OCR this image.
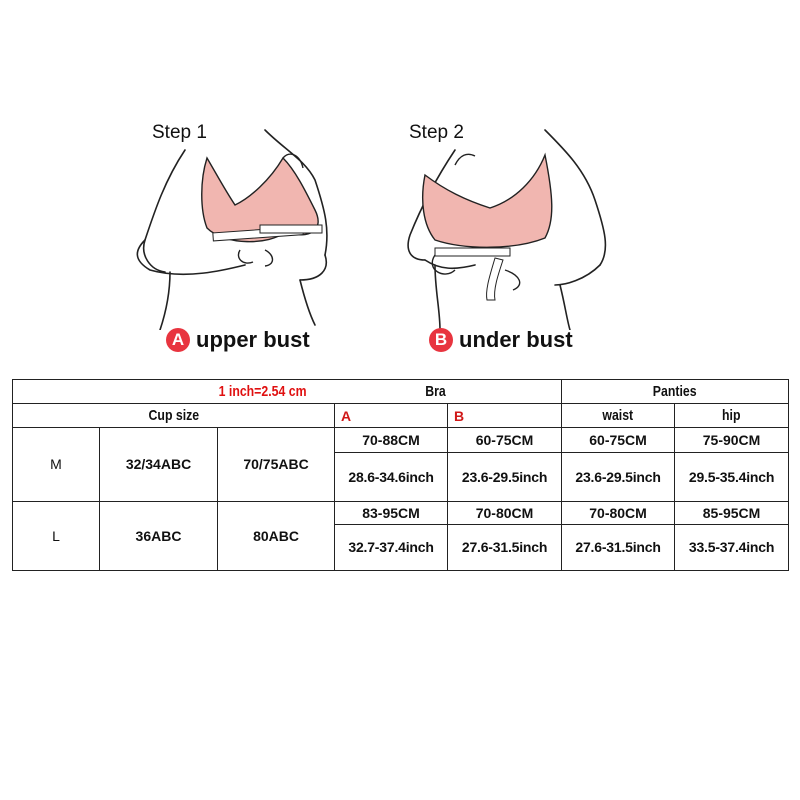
Step 1
A upper bust
Step 2
B under bust
1 inch=2.54 cm			Bra		Panties	
Cup size			A	B	waist	hip
M	32/34ABC	70/75ABC	70-88CM	60-75CM	60-75CM	75-90CM
			28.6-34.6inch	23.6-29.5inch	23.6-29.5inch	29.5-35.4inch
L	36ABC	80ABC	83-95CM	70-80CM	70-80CM	85-95CM
			32.7-37.4inch	27.6-31.5inch	27.6-31.5inch	33.5-37.4inch
